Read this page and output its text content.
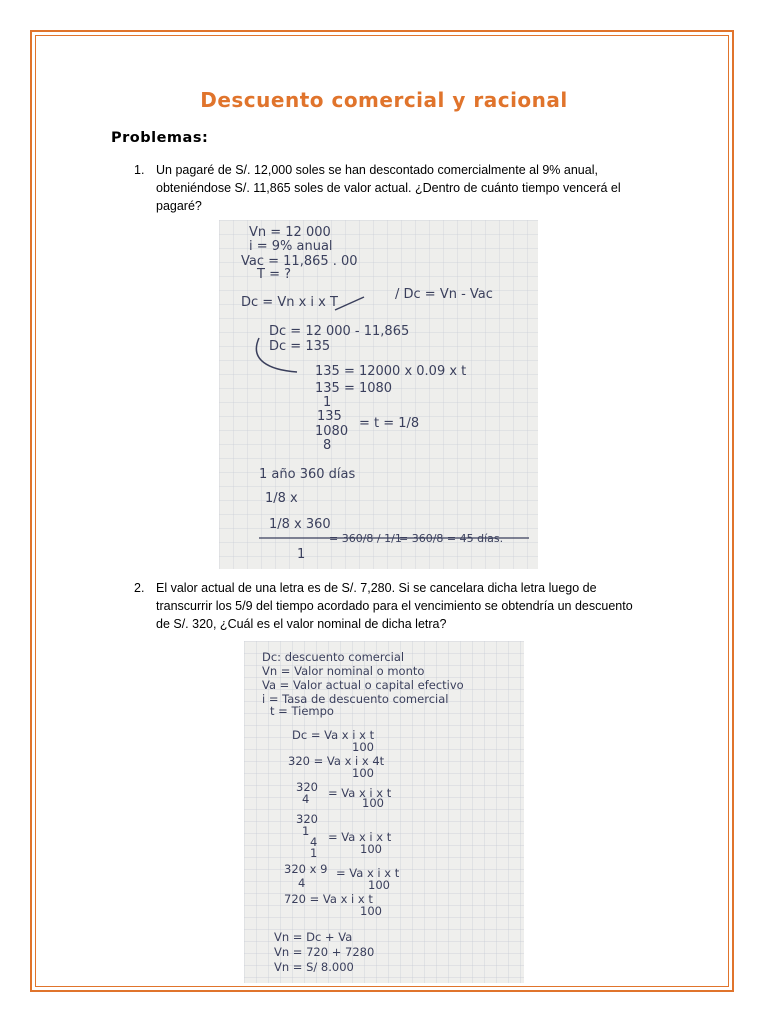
Descuento comercial y racional
Problemas:
1. Un pagaré de S/. 12,000 soles se han descontado comercialmente al 9% anual, obteniéndose S/. 11,865 soles de valor actual. ¿Dentro de cuánto tiempo vencerá el pagaré?
Vn = 12 000
i = 9% anual
Vac = 11,865 . 00
T = ?
Dc = Vn x i x T
/ Dc = Vn - Vac
Dc = 12 000 - 11,865
Dc = 135
135 = 12000 x 0.09 x t
135 = 1080
1
135
1080
8
= t = 1/8
1 año 360 días
1/8 x
1/8 x 360
1
= 360/8 / 1/1
= 360/8 = 45 días.
2. El valor actual de una letra es de S/. 7,280. Si se cancelara dicha letra luego de transcurrir los 5/9 del tiempo acordado para el vencimiento se obtendría un descuento de S/. 320, ¿Cuál es el valor nominal de dicha letra?
Dc: descuento comercial
Vn = Valor nominal o monto
Va = Valor actual o capital efectivo
i = Tasa de descuento comercial
t = Tiempo
Dc = Va x i x t
100
320 = Va x i x 4t
100
320
4 = Va x i x t
100
320
1
4
1
= Va x i x t
100
320 x 9
4
= Va x i x t
100
720 = Va x i x t
100
Vn = Dc + Va
Vn = 720 + 7280
Vn = S/ 8.000
